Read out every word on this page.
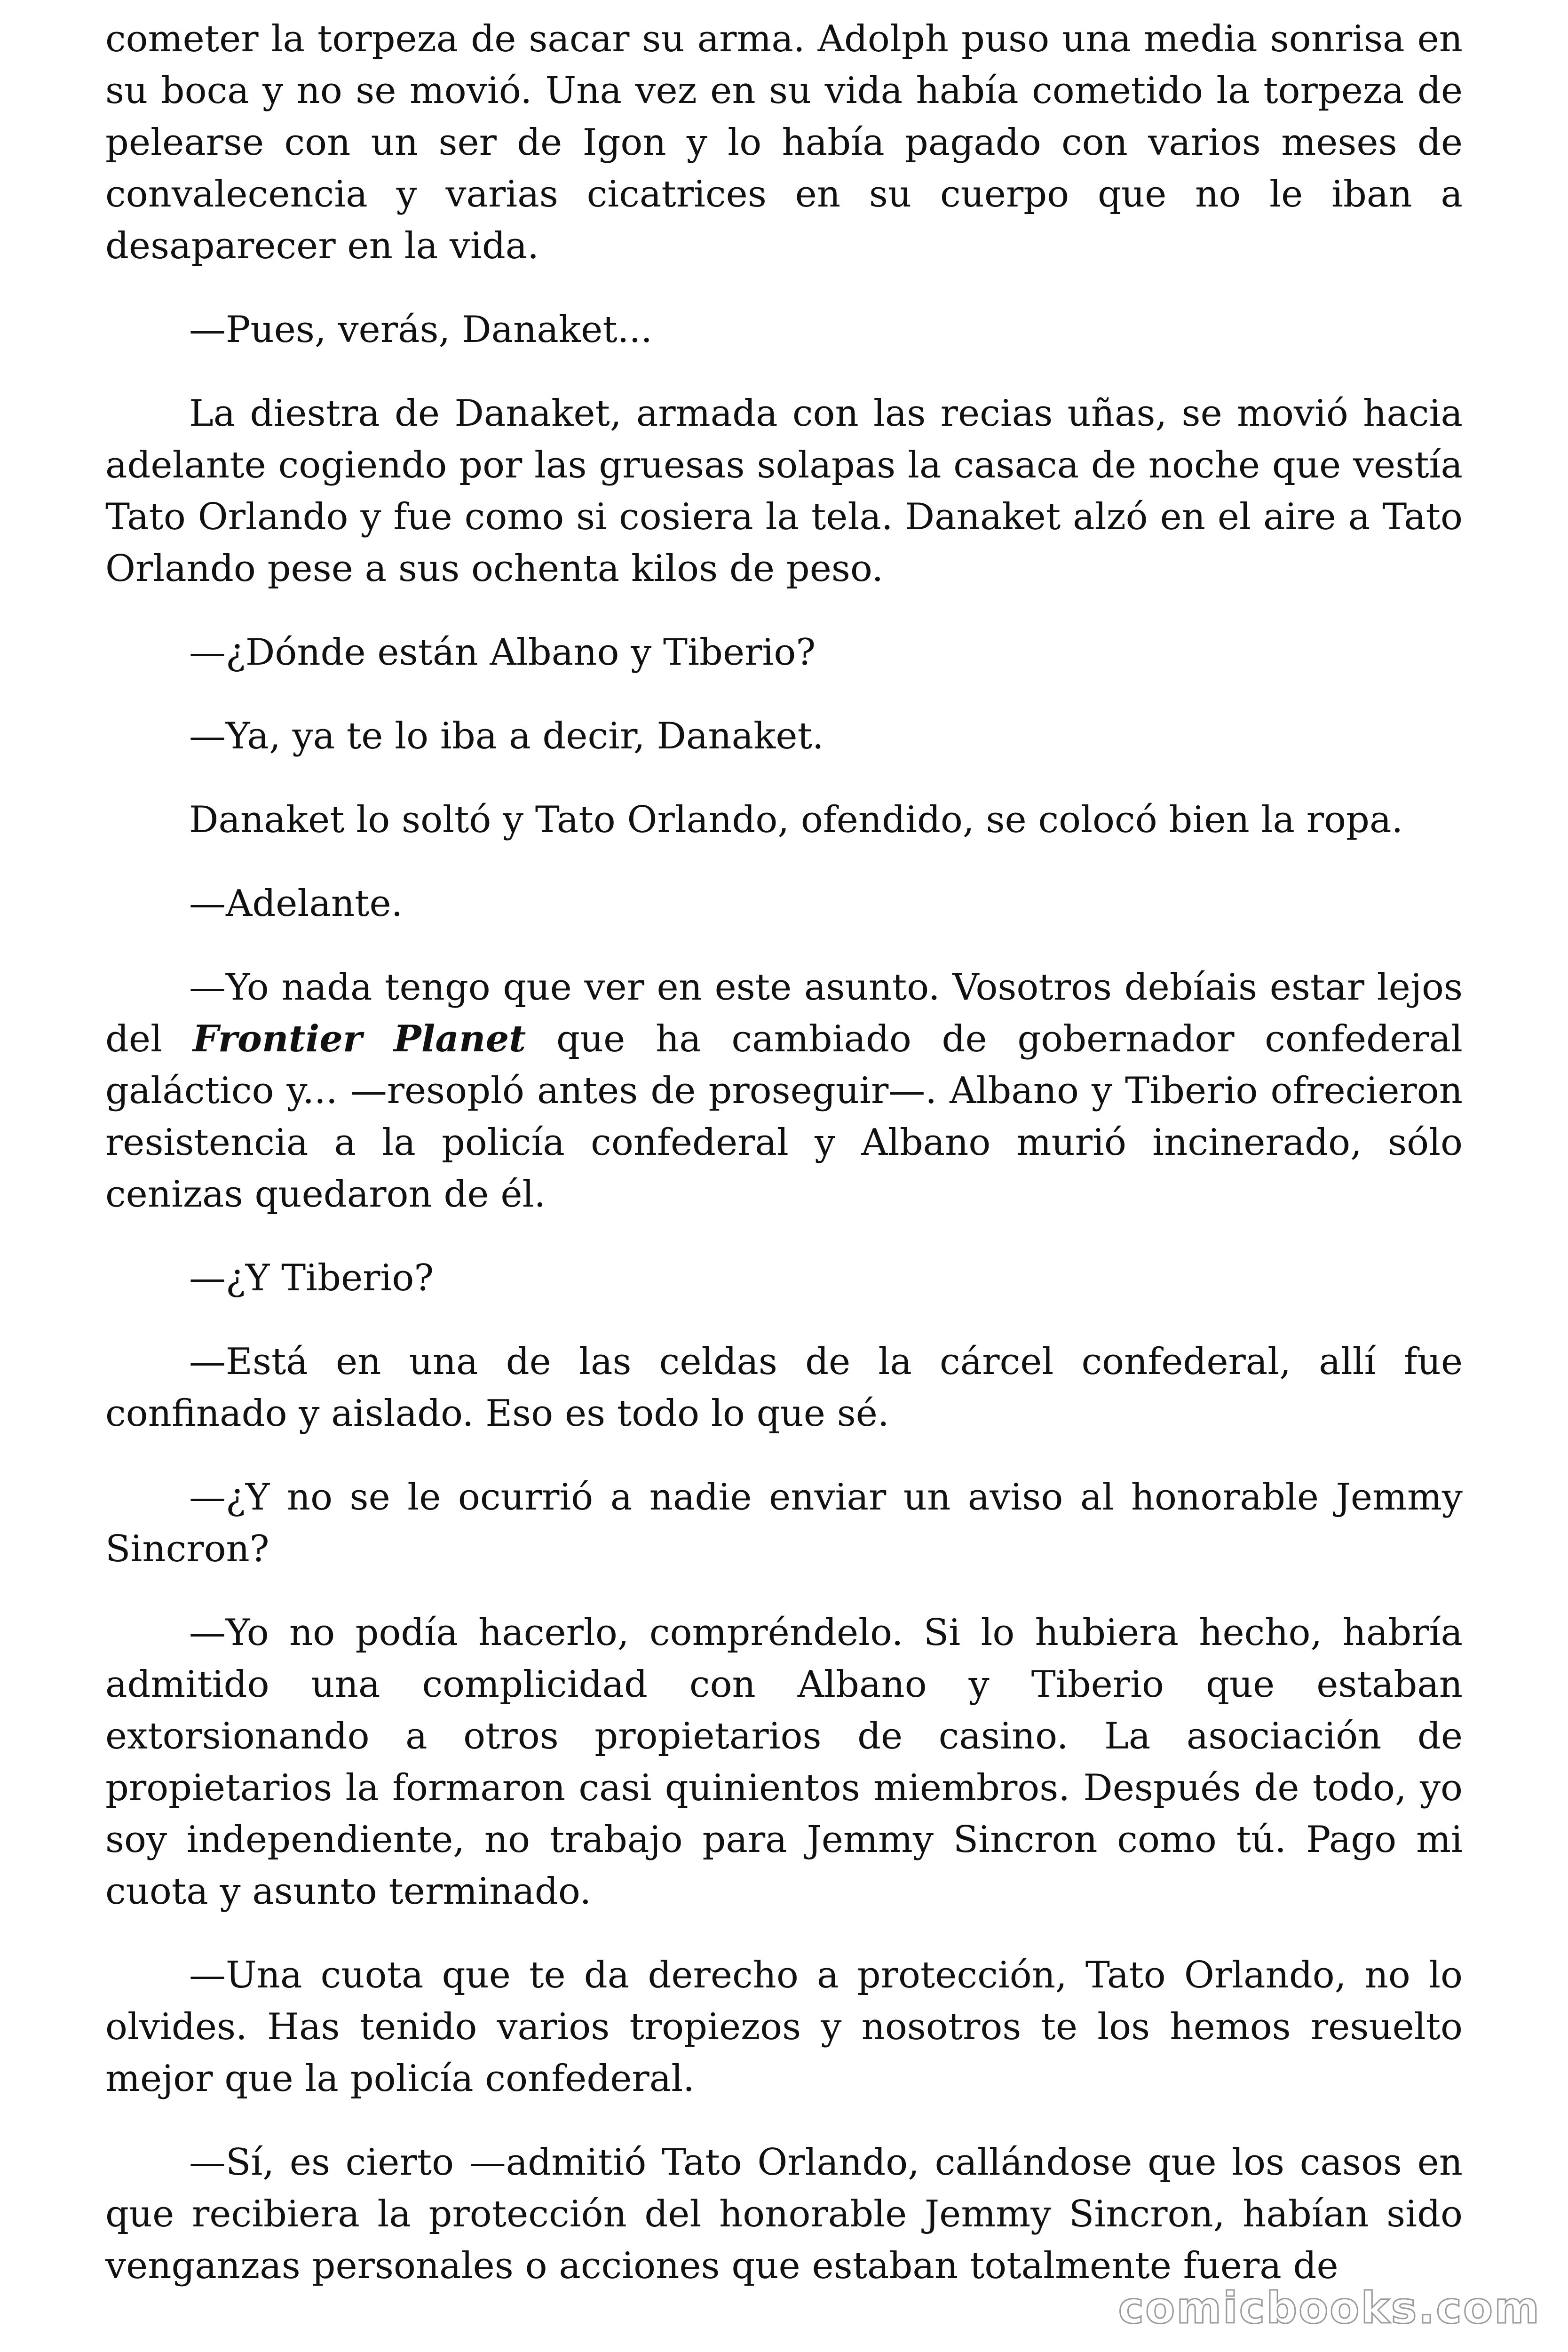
cometer la torpeza de sacar su arma. Adolph puso una media sonrisa en su boca y no se movió. Una vez en su vida había cometido la torpeza de pelearse con un ser de Igon y lo había pagado con varios meses de convalecencia y varias cicatrices en su cuerpo que no le iban a desaparecer en la vida.

—Pues, verás, Danaket...

La diestra de Danaket, armada con las recias uñas, se movió hacia adelante cogiendo por las gruesas solapas la casaca de noche que vestía Tato Orlando y fue como si cosiera la tela. Danaket alzó en el aire a Tato Orlando pese a sus ochenta kilos de peso.

—¿Dónde están Albano y Tiberio?

—Ya, ya te lo iba a decir, Danaket.

Danaket lo soltó y Tato Orlando, ofendido, se colocó bien la ropa.

—Adelante.

—Yo nada tengo que ver en este asunto. Vosotros debíais estar lejos del Frontier Planet que ha cambiado de gobernador confederal galáctico y... —resopló antes de proseguir—. Albano y Tiberio ofrecieron resistencia a la policía confederal y Albano murió incinerado, sólo cenizas quedaron de él.

—¿Y Tiberio?

—Está en una de las celdas de la cárcel confederal, allí fue confinado y aislado. Eso es todo lo que sé.

—¿Y no se le ocurrió a nadie enviar un aviso al honorable Jemmy Sincron?

—Yo no podía hacerlo, compréndelo. Si lo hubiera hecho, habría admitido una complicidad con Albano y Tiberio que estaban extorsionando a otros propietarios de casino. La asociación de propietarios la formaron casi quinientos miembros. Después de todo, yo soy independiente, no trabajo para Jemmy Sincron como tú. Pago mi cuota y asunto terminado.

—Una cuota que te da derecho a protección, Tato Orlando, no lo olvides. Has tenido varios tropiezos y nosotros te los hemos resuelto mejor que la policía confederal.

—Sí, es cierto —admitió Tato Orlando, callándose que los casos en que recibiera la protección del honorable Jemmy Sincron, habían sido venganzas personales o acciones que estaban totalmente fuera de

comicbooks.com
